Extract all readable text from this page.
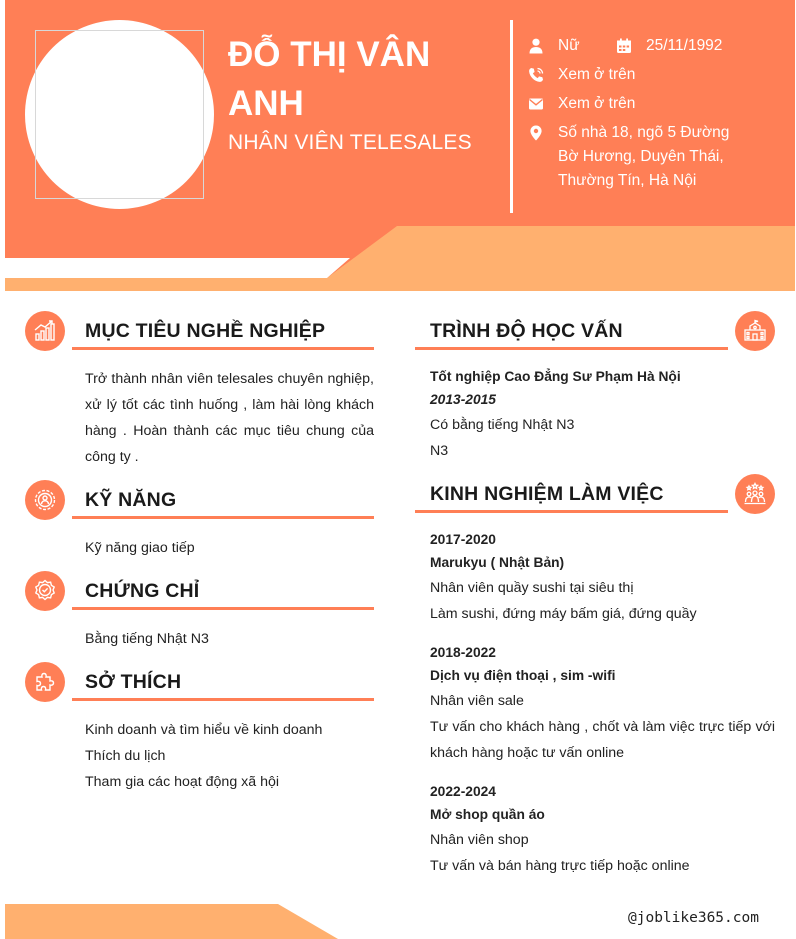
ĐỖ THỊ VÂN ANH
NHÂN VIÊN TELESALES
Nữ	25/11/1992
Xem ở trên
Xem ở trên
Số nhà 18, ngõ 5 Đường Bờ Hương, Duyên Thái, Thường Tín, Hà Nội
MỤC TIÊU NGHỀ NGHIỆP
Trở thành nhân viên telesales chuyên nghiệp, xử lý tốt các tình huống , làm hài lòng khách hàng . Hoàn thành các mục tiêu chung của công ty .
KỸ NĂNG
Kỹ năng giao tiếp
CHỨNG CHỈ
Bằng tiếng Nhật N3
SỞ THÍCH
Kinh doanh và tìm hiểu về kinh doanh
Thích du lịch
Tham gia các hoạt động xã hội
TRÌNH ĐỘ HỌC VẤN
Tốt nghiệp Cao Đẳng Sư Phạm Hà Nội
2013-2015
Có bằng tiếng Nhật N3
N3
KINH NGHIỆM LÀM VIỆC
2017-2020
Marukyu ( Nhật Bản)
Nhân viên quầy sushi tại siêu thị
Làm sushi, đứng máy bấm giá, đứng quầy
2018-2022
Dịch vụ điện thoại , sim -wifi
Nhân viên sale
Tư vấn cho khách hàng , chốt và làm việc trực tiếp với khách hàng hoặc tư vấn online
2022-2024
Mở shop quần áo
Nhân viên shop
Tư vấn và bán hàng trực tiếp hoặc online
@joblike365.com
